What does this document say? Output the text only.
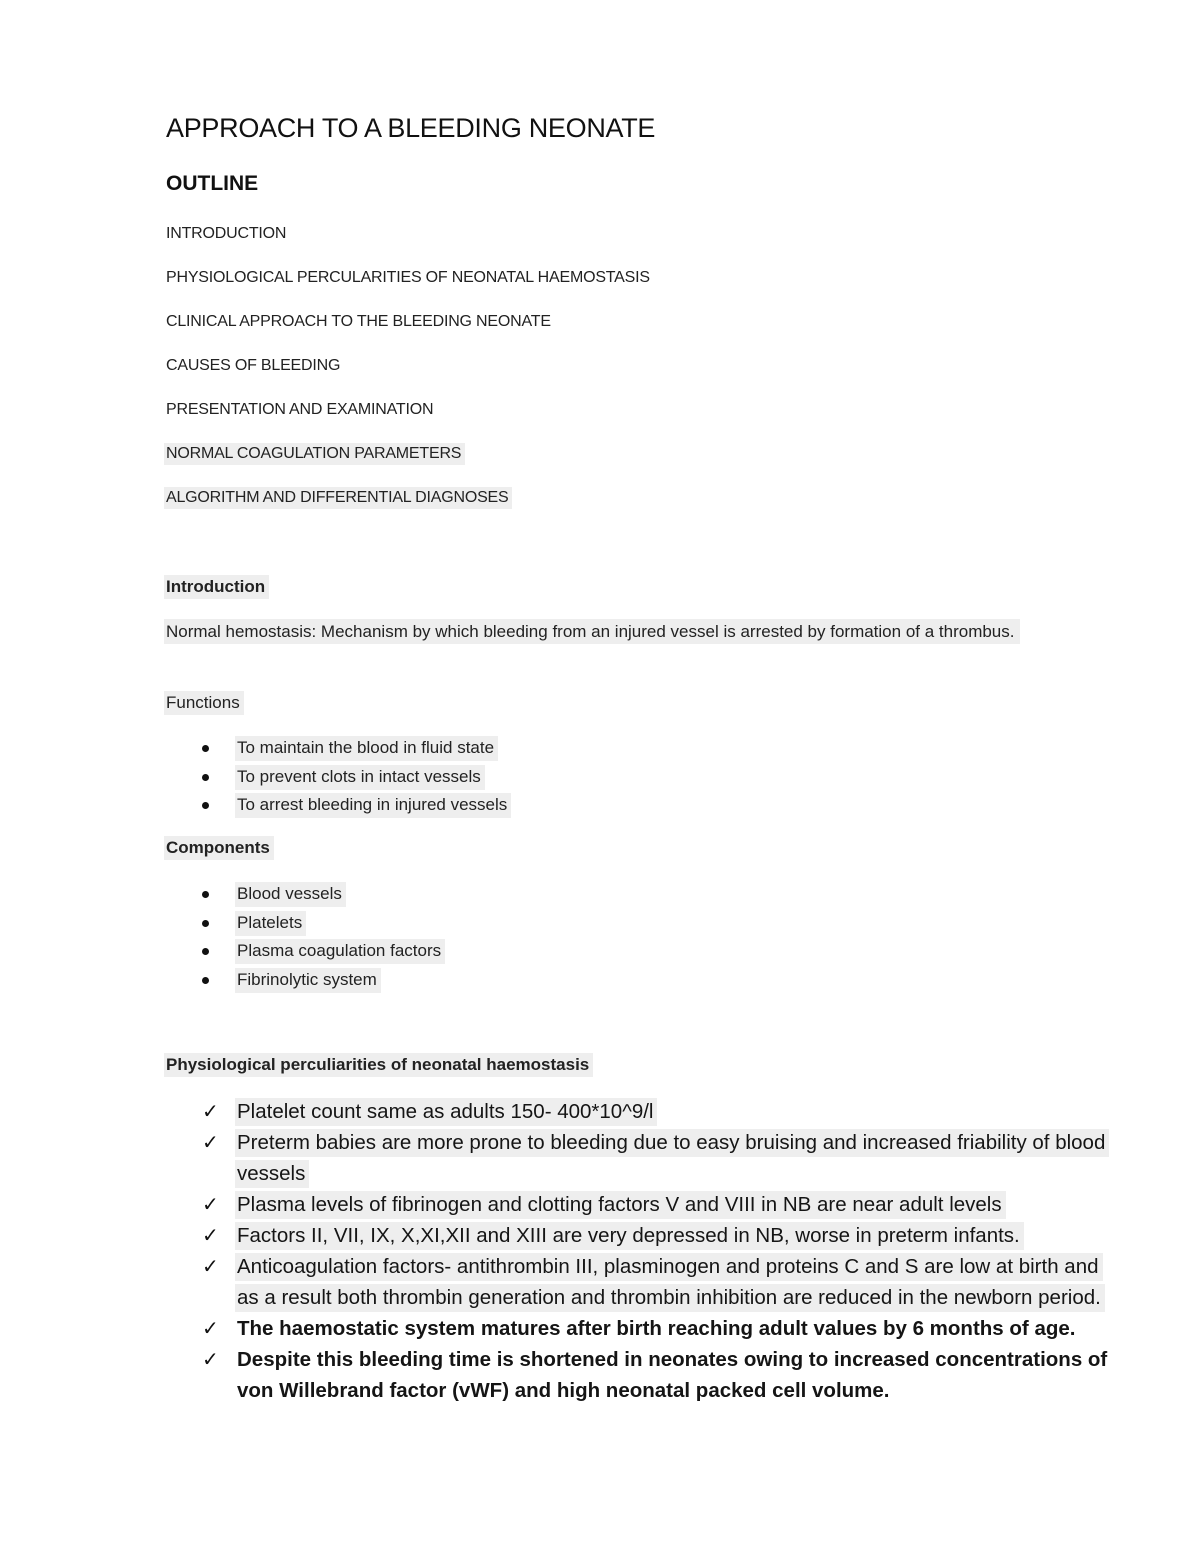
APPROACH TO A BLEEDING NEONATE
OUTLINE
INTRODUCTION
PHYSIOLOGICAL PERCULARITIES OF NEONATAL HAEMOSTASIS
CLINICAL APPROACH TO THE BLEEDING NEONATE
CAUSES OF BLEEDING
PRESENTATION AND EXAMINATION
NORMAL COAGULATION PARAMETERS
ALGORITHM AND DIFFERENTIAL DIAGNOSES
Introduction
Normal hemostasis: Mechanism by which bleeding from an injured vessel is arrested by formation of a thrombus.
Functions
To maintain the blood in fluid state
To prevent clots in intact vessels
To arrest bleeding in injured vessels
Components
Blood vessels
Platelets
Plasma coagulation factors
Fibrinolytic system
Physiological perculiarities of neonatal haemostasis
✓ Platelet count same as adults 150- 400*10^9/l
✓ Preterm babies are more prone to bleeding due to easy bruising and increased friability of blood vessels
✓ Plasma levels of fibrinogen and clotting factors V and VIII in NB are near adult levels
✓ Factors II, VII, IX, X,XI,XII and XIII are very depressed in NB, worse in preterm infants.
✓ Anticoagulation factors- antithrombin III, plasminogen and proteins C and S are low at birth and as a result both thrombin generation and thrombin inhibition are reduced in the newborn period.
✓ The haemostatic system matures after birth reaching adult values by 6 months of age.
✓ Despite this bleeding time is shortened in neonates owing to increased concentrations of von Willebrand factor (vWF) and high neonatal packed cell volume.
